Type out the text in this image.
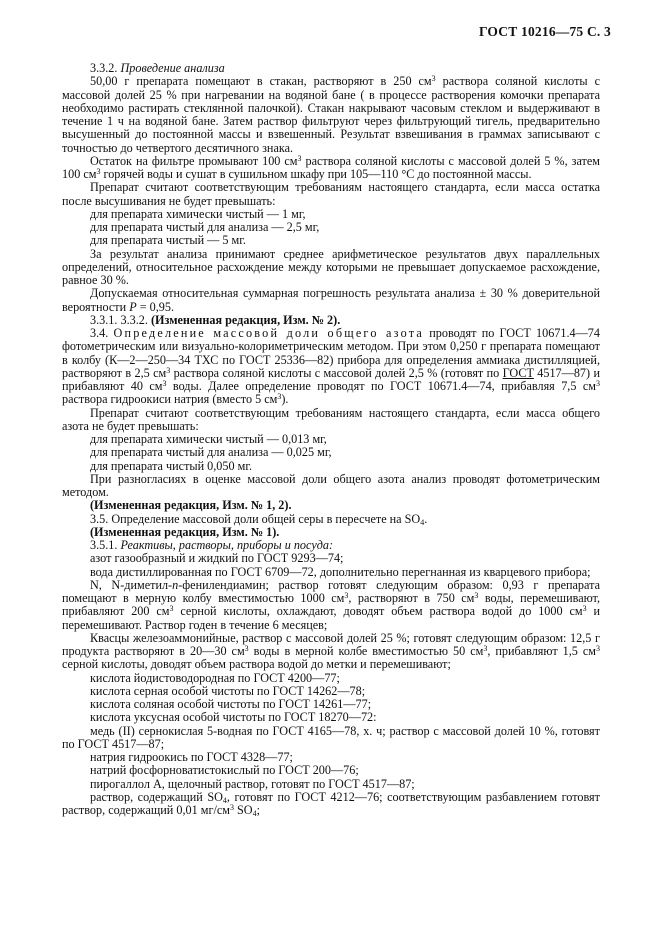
ГОСТ 10216—75 С. 3

3.3.2. Проведение анализа

50,00 г препарата помещают в стакан, растворяют в 250 $см^3$ раствора соляной кислоты с массовой долей 25 % при нагревании на водяной бане ( в процессе растворения комочки препарата необходимо растирать стеклянной палочкой). Стакан накрывают часовым стеклом и выдерживают в течение 1 ч на водяной бане. Затем раствор фильтруют через фильтрующий тигель, предварительно высушенный до постоянной массы и взвешенный. Результат взвешивания в граммах записывают с точностью до четвертого десятичного знака.

Остаток на фильтре промывают 100 $см^3$ раствора соляной кислоты с массовой долей 5 %, затем 100 $см^3$ горячей воды и сушат в сушильном шкафу при 105—110 °С до постоянной массы.

Препарат считают соответствующим требованиям настоящего стандарта, если масса остатка после высушивания не будет превышать:

для препарата химически чистый — 1 мг,

для препарата чистый для анализа — 2,5 мг,

для препарата чистый — 5 мг.

За результат анализа принимают среднее арифметическое результатов двух параллельных определений, относительное расхождение между которыми не превышает допускаемое расхождение, равное 30 %.

Допускаемая относительная суммарная погрешность результата анализа ± 30 % доверительной вероятности P = 0,95.

3.3.1. 3.3.2. (Измененная редакция, Изм. № 2).

3.4. Определение массовой доли общего азота проводят по ГОСТ 10671.4—74 фотометрическим или визуально-колориметрическим методом. При этом 0,250 г препарата помещают в колбу (К—2—250—34 ТХС по ГОСТ 25336—82) прибора для определения аммиака дистилляцией, растворяют в 2,5 $см^3$ раствора соляной кислоты с массовой долей 2,5 % (готовят по ГОСТ 4517—87) и прибавляют 40 $см^3$ воды. Далее определение проводят по ГОСТ 10671.4—74, прибавляя 7,5 $см^3$ раствора гидроокиси натрия (вместо 5 $см^3$).

Препарат считают соответствующим требованиям настоящего стандарта, если масса общего азота не будет превышать:

для препарата химически чистый — 0,013 мг,

для препарата чистый для анализа — 0,025 мг,

для препарата чистый 0,050 мг.

При разногласиях в оценке массовой доли общего азота анализ проводят фотометрическим методом.

(Измененная редакция, Изм. № 1, 2).

3.5. Определение массовой доли общей серы в пересчете на $SO_4$.

(Измененная редакция, Изм. № 1).

3.5.1. Реактивы, растворы, приборы и посуда:

азот газообразный и жидкий по ГОСТ 9293—74;

вода дистиллированная по ГОСТ 6709—72, дополнительно перегнанная из кварцевого прибора;

N, N-диметил-n-фенилендиамин; раствор готовят следующим образом: 0,93 г препарата помещают в мерную колбу вместимостью 1000 $см^3$, растворяют в 750 $см^3$ воды, перемешивают, прибавляют 200 $см^3$ серной кислоты, охлаждают, доводят объем раствора водой до 1000 $см^3$ и перемешивают. Раствор годен в течение 6 месяцев;

Квасцы железоаммонийные, раствор с массовой долей 25 %; готовят следующим образом: 12,5 г продукта растворяют в 20—30 $см^3$ воды в мерной колбе вместимостью 50 $см^3$, прибавляют 1,5 $см^3$ серной кислоты, доводят объем раствора водой до метки и перемешивают;

кислота йодистоводородная по ГОСТ 4200—77;

кислота серная особой чистоты по ГОСТ 14262—78;

кислота соляная особой чистоты по ГОСТ 14261—77;

кислота уксусная особой чистоты по ГОСТ 18270—72:

медь (II) сернокислая 5-водная по ГОСТ 4165—78, х. ч; раствор с массовой долей 10 %, готовят по ГОСТ 4517—87;

натрия гидроокись по ГОСТ 4328—77;

натрий фосфорноватистокислый по ГОСТ 200—76;

пирогаллол А, щелочный раствор, готовят по ГОСТ 4517—87;

раствор, содержащий $SO_4$, готовят по ГОСТ 4212—76; соответствующим разбавлением готовят раствор, содержащий 0,01 $мг/см^3$ $SO_4$;
